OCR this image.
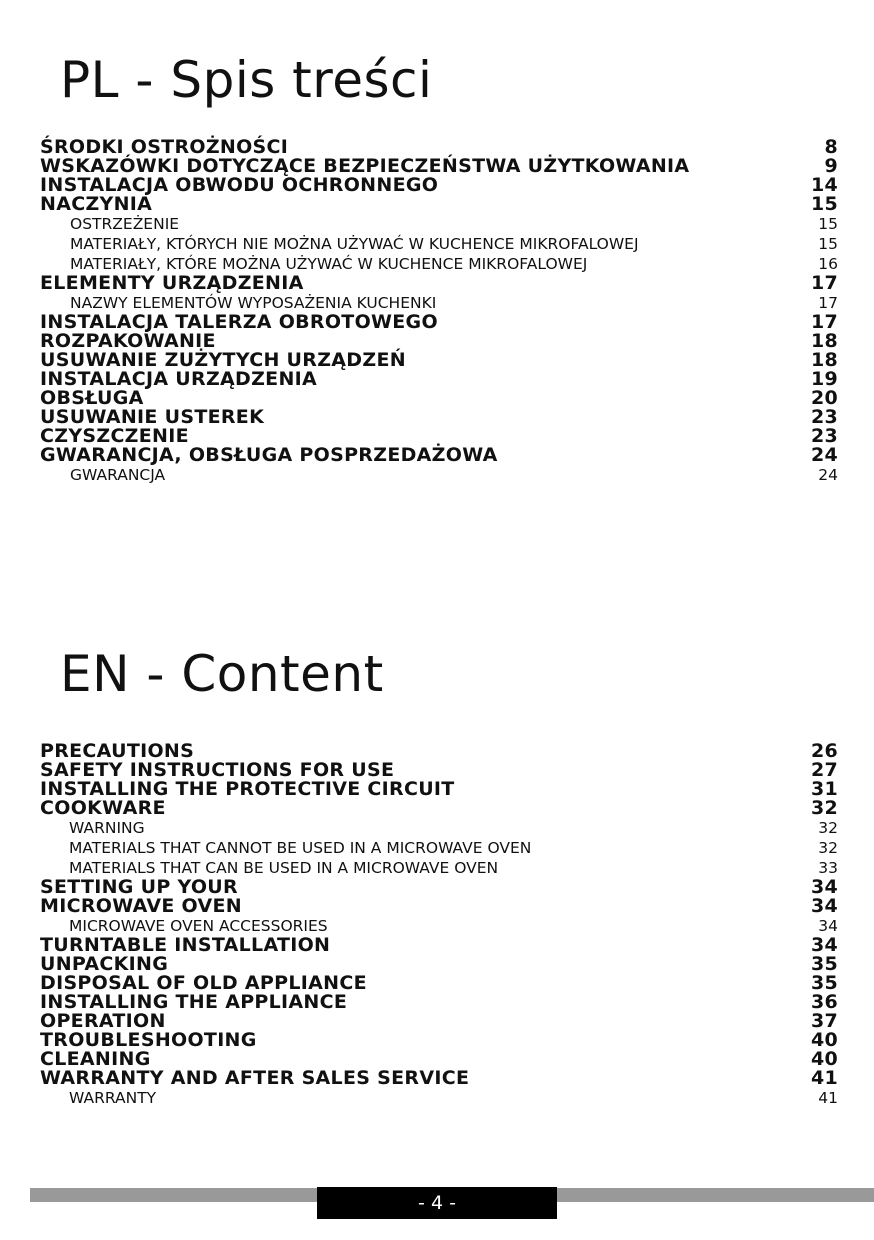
PL - Spis treści
ŚRODKI OSTROŻNOŚCI	8
WSKAZÓWKI DOTYCZĄCE BEZPIECZEŃSTWA UŻYTKOWANIA	9
INSTALACJA OBWODU OCHRONNEGO	14
NACZYNIA	15
OSTRZEŻENIE	15
MATERIAŁY, KTÓRYCH NIE MOŻNA UŻYWAĆ W KUCHENCE MIKROFALOWEJ	15
MATERIAŁY, KTÓRE MOŻNA UŻYWAĆ W KUCHENCE MIKROFALOWEJ	16
ELEMENTY URZĄDZENIA	17
NAZWY ELEMENTÓW WYPOSAŻENIA KUCHENKI	17
INSTALACJA TALERZA OBROTOWEGO	17
ROZPAKOWANIE	18
USUWANIE ZUŻYTYCH URZĄDZEŃ	18
INSTALACJA URZĄDZENIA	19
OBSŁUGA	20
USUWANIE USTEREK	23
CZYSZCZENIE	23
GWARANCJA, OBSŁUGA POSPRZEDAŻOWA	24
GWARANCJA	24
EN - Content
PRECAUTIONS	26
SAFETY INSTRUCTIONS FOR USE	27
INSTALLING THE PROTECTIVE CIRCUIT	31
COOKWARE	32
WARNING	32
MATERIALS THAT CANNOT BE USED IN A MICROWAVE OVEN	32
MATERIALS THAT CAN BE USED IN A MICROWAVE OVEN	33
SETTING UP YOUR	34
MICROWAVE OVEN	34
MICROWAVE OVEN ACCESSORIES	34
TURNTABLE INSTALLATION	34
UNPACKING	35
DISPOSAL OF OLD APPLIANCE	35
INSTALLING THE APPLIANCE	36
OPERATION	37
TROUBLESHOOTING	40
CLEANING	40
WARRANTY AND AFTER SALES SERVICE	41
WARRANTY	41
- 4 -
